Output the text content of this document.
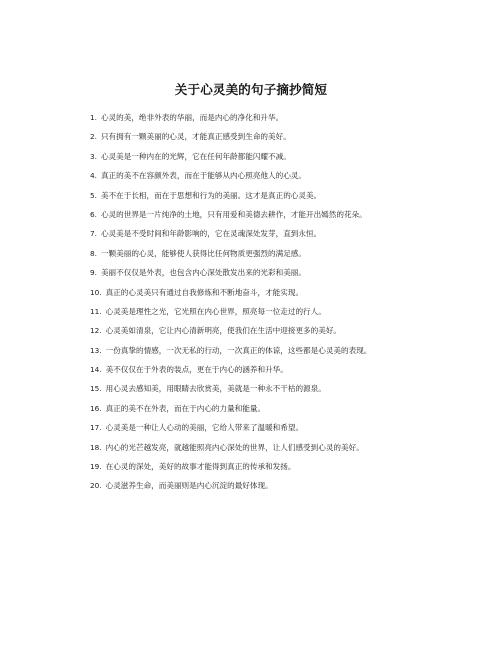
关于心灵美的句子摘抄简短
1. 心灵的美，绝非外表的华丽，而是内心的净化和升华。
2. 只有拥有一颗美丽的心灵，才能真正感受到生命的美好。
3. 心灵美是一种内在的光辉，它在任何年龄都能闪耀不减。
4. 真正的美不在容颜外表，而在于能够从内心照亮他人的心灵。
5. 美不在于长相，而在于思想和行为的美丽。这才是真正的心灵美。
6. 心灵的世界是一片纯净的土地，只有用爱和美德去耕作，才能开出嫣然的花朵。
7. 心灵美是不受时间和年龄影响的，它在灵魂深处发芽，直到永恒。
8. 一颗美丽的心灵，能够使人获得比任何物质更强烈的满足感。
9. 美丽不仅仅是外表，也包含内心深处散发出来的光彩和美丽。
10. 真正的心灵美只有通过自我修炼和不断地奋斗，才能实现。
11. 心灵美是理性之光，它光照在内心世界，照亮每一位走过的行人。
12. 心灵美如清泉，它让内心清新明亮，使我们在生活中迎接更多的美好。
13. 一份真挚的情感，一次无私的行动，一次真正的体谅，这些都是心灵美的表现。
14. 美不仅仅在于外表的装点，更在于内心的涵养和升华。
15. 用心灵去感知美，用眼睛去欣赏美，美就是一种永不干枯的源泉。
16. 真正的美不在外表，而在于内心的力量和能量。
17. 心灵美是一种让人心动的美丽，它给人带来了温暖和希望。
18. 内心的光芒越发亮，就越能照亮内心深处的世界，让人们感受到心灵的美好。
19. 在心灵的深处，美好的故事才能得到真正的传承和发扬。
20. 心灵滋养生命，而美丽则是内心沉淀的最好体现。
